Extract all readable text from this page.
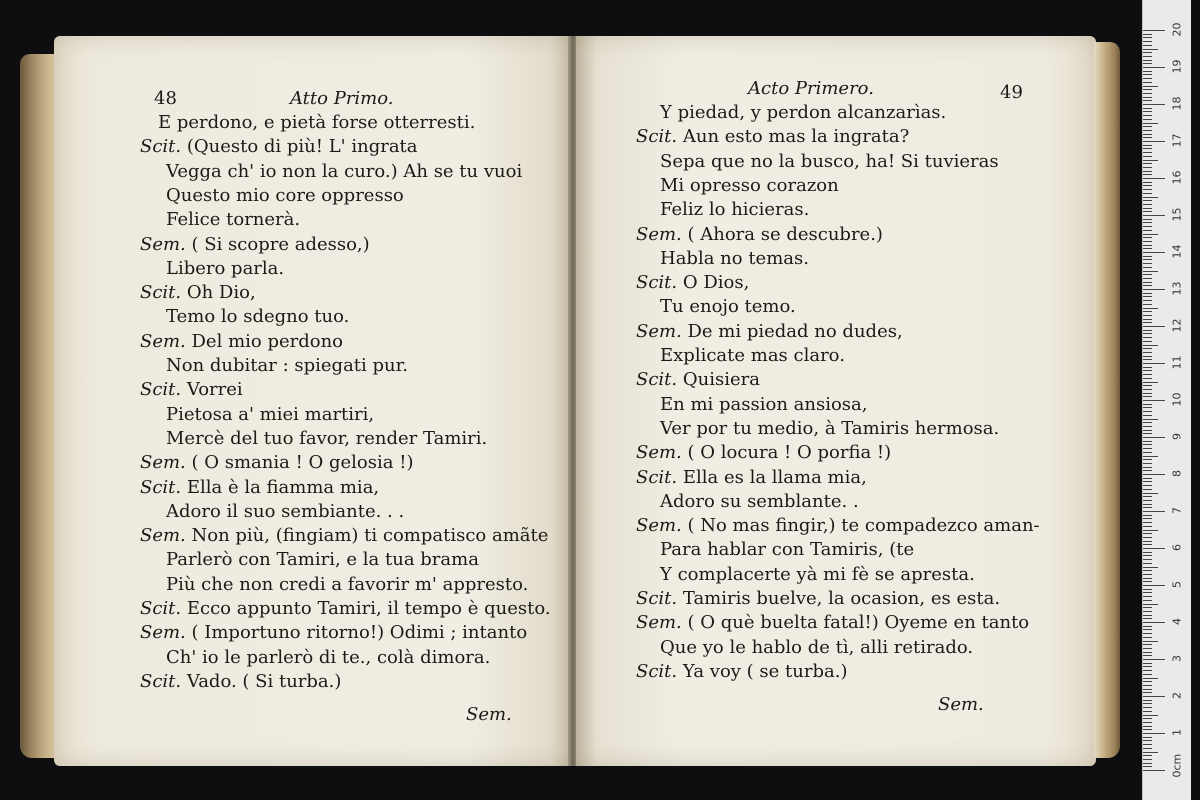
48	Atto Primo.
E perdono, e pietà forse otterresti.
Scit. (Questo di più! L' ingrata
Vegga ch' io non la curo.) Ah se tu vuoi
Questo mio core oppresso
Felice tornerà.
Sem. ( Si scopre adesso,)
Libero parla.
Scit. Oh Dio,
Temo lo sdegno tuo.
Sem. Del mio perdono
Non dubitar : spiegati pur.
Scit. Vorrei
Pietosa a' miei martiri,
Mercè del tuo favor, render Tamiri.
Sem. ( O smania ! O gelosia !)
Scit. Ella è la fiamma mia,
Adoro il suo sembiante. . .
Sem. Non più, (fingiam) ti compatisco amãte
Parlerò con Tamiri, e la tua brama
Più che non credi a favorir m' appresto.
Scit. Ecco appunto Tamiri, il tempo è questo.
Sem. ( Importuno ritorno!) Odimi ; intanto
Ch' io le parlerò di te., colà dimora.
Scit. Vado. ( Si turba.)
Sem.
Acto Primero.	49
Y piedad, y perdon alcanzarìas.
Scit. Aun esto mas la ingrata?
Sepa que no la busco, ha! Si tuvieras
Mi opresso corazon
Feliz lo hicieras.
Sem. ( Ahora se descubre.)
Habla no temas.
Scit. O Dios,
Tu enojo temo.
Sem. De mi piedad no dudes,
Explicate mas claro.
Scit. Quisiera
En mi passion ansiosa,
Ver por tu medio, à Tamiris hermosa.
Sem. ( O locura ! O porfia !)
Scit. Ella es la llama mia,
Adoro su semblante. .
Sem. ( No mas fingir,) te compadezco aman-
Para hablar con Tamiris, (te
Y complacerte yà mi fè se apresta.
Scit. Tamiris buelve, la ocasion, es esta.
Sem. ( O què buelta fatal!) Oyeme en tanto
Que yo le hablo de tì, alli retirado.
Scit. Ya voy ( se turba.)
Sem.
20
19
18
17
16
15
14
13
12
11
10
9
8
7
6
5
4
3
2
1
0cm
